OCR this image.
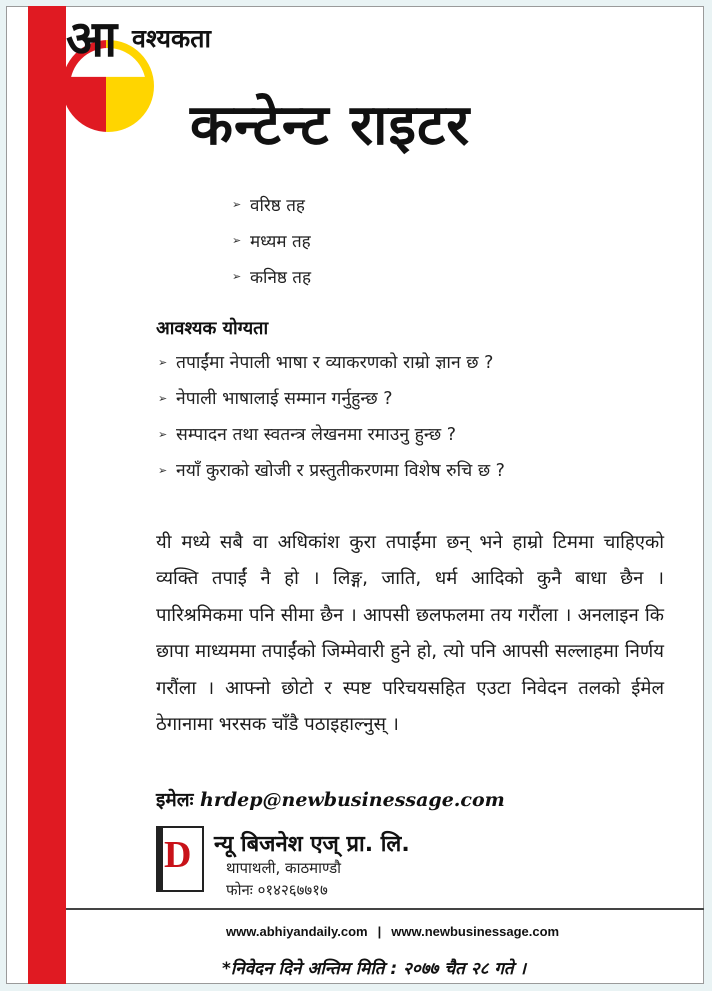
आ वश्यकता
कन्टेन्ट राइटर
➢ वरिष्ठ तह
➢ मध्यम तह
➢ कनिष्ठ तह
आवश्यक योग्यता
➢ तपाईंमा नेपाली भाषा र व्याकरणको राम्रो ज्ञान छ ?
➢ नेपाली भाषालाई सम्मान गर्नुहुन्छ ?
➢ सम्पादन तथा स्वतन्त्र लेखनमा रमाउनु हुन्छ ?
➢ नयाँ कुराको खोजी र प्रस्तुतीकरणमा विशेष रुचि छ ?

यी मध्ये सबै वा अधिकांश कुरा तपाईंमा छन् भने हाम्रो टिममा चाहिएको व्यक्ति तपाईं नै हो । लिङ्ग, जाति, धर्म आदिको कुनै बाधा छैन । पारिश्रमिकमा पनि सीमा छैन । आपसी छलफलमा तय गरौंला । अनलाइन कि छापा माध्यममा तपाईंको जिम्मेवारी हुने हो, त्यो पनि आपसी सल्लाहमा निर्णय गरौंला । आफ्नो छोटो र स्पष्ट परिचयसहित एउटा निवेदन तलको ईमेल ठेगानामा भरसक चाँडै पठाइहाल्नुस् ।

इमेलः hrdep@newbusinessage.com
D न्यू बिजनेश एज् प्रा. लि.
थापाथली, काठमाण्डौ
फोनः ०१४२६७७१७
www.abhiyandaily.com | www.newbusinessage.com
*निवेदन दिने अन्तिम मिति : २०७७ चैत २८ गते ।
